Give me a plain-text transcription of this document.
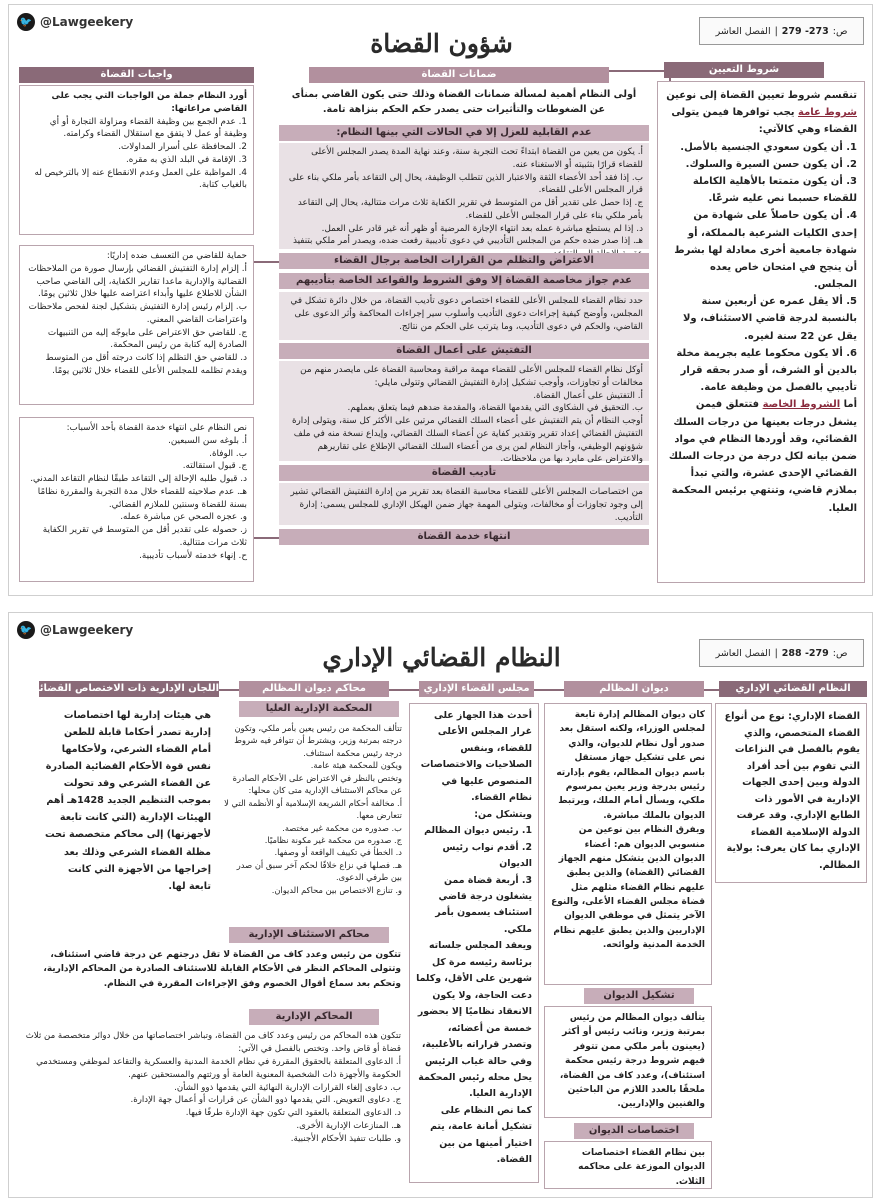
🐦 @Lawgeekery
شؤون القضاة	ص:
273- 279
|
الفصل العاشر
شروط التعيين
تنقسم شروط تعيين القضاة إلى نوعين شروط عامة يجب توافرها فيمن يتولى القضاء وهي كالآتي:
1. أن يكون سعودي الجنسية بالأصل.
2. أن يكون حسن السيرة والسلوك.
3. أن يكون متمتعا بالأهلية الكاملة للقضاء حسبما نص عليه شرعًا.
4. أن يكون حاصلاً على شهادة من إحدى الكليات الشرعية بالمملكة، أو شهادة جامعية أخرى معادلة لها بشرط أن ينجح في امتحان خاص يعده المجلس.
5. ألا يقل عمره عن أربعين سنة بالنسبة لدرجة قاضي الاستئناف، ولا يقل عن 22 سنة لغيره.
6. ألا يكون محكوما عليه بجريمة مخلة بالدين أو الشرف، أو صدر بحقه قرار تأديبي بالفصل من وظيفة عامة.
أما الشروط الخاصة فتتعلق فيمن يشغل درجات بعينها من درجات السلك القضائي، وقد أوردها النظام في مواد ضمن بيانه لكل درجة من درجات السلك القضائي الإحدى عشرة، والتي تبدأ بملازم قاضي، وتنتهي برئيس المحكمة العليا.
ضمانات القضاة
أولى النظام أهمية لمسألة ضمانات القضاة وذلك حتى يكون القاضي بمنأى عن الضغوطات والتأثيرات حتى يصدر حكم الحكم بنزاهة تامة.
عدم القابلية للعزل إلا في الحالات التي بينها النظام:
أ. يكون من يعين من القضاة ابتداءً تحت التجربة سنة، وعند نهاية المدة يصدر المجلس الأعلى للقضاء قرارًا بتثبيته أو الاستغناء عنه.
ب. إذا فقد أحد الأعضاء الثقة والاعتبار الذين تتطلب الوظيفة، يحال إلى التقاعد بأمر ملكي بناء على قرار المجلس الأعلى للقضاء.
ج. إذا حصل على تقدير أقل من المتوسط في تقرير الكفاية ثلاث مرات متتالية، يحال إلى التقاعد بأمر ملكي بناء على قرار المجلس الأعلى للقضاء.
د. إذا لم يستطع مباشرة عمله بعد انتهاء الإجازة المرضية أو ظهر أنه غير قادر على العمل.
هـ. إذا صدر ضده حكم من المجلس التأديبي في دعوى تأديبية رفعت ضده، ويصدر أمر ملكي بتنفيذ
الاعتراض والتظلم من القرارات الخاصة برجال القضاء
عدم جواز مخاصمة القضاة إلا وفق الشروط والقواعد الخاصة بتأديبهم
حدد نظام القضاء للمجلس الأعلى للقضاء اختصاص دعوى تأديب القضاة، من خلال دائرة تشكل في المجلس، وأوضح كيفية إجراءات دعوى التأديب وأسلوب سير إجراءات المحاكمة وأثر الدعوى على القاضي، والحكم في دعوى التأديب، وما يترتب على الحكم من نتائج.
التفتيش على أعمال القضاة
أوكل نظام القضاء للمجلس الأعلى للقضاء مهمة مراقبة ومحاسبة القضاة على مايصدر منهم من مخالفات أو تجاوزات، وأوجب تشكيل إدارة التفتيش القضائي وتتولى مايلي:
أ. التفتيش على أعمال القضاة.
ب. التحقيق في الشكاوى التي يقدمها القضاة، والمقدمة ضدهم فيما يتعلق بعملهم.
أوجب النظام أن يتم التفتيش على أعضاء السلك القضائي مرتين على الأكثر كل سنة، ويتولى إدارة التفتيش القضائي إعداد تقرير وتقدير كفاية عن أعضاء السلك القضائي، وإيداع نسخة منه في ملف شؤونهم الوظيفي، وأجاز النظام لمن يرى من أعضاء السلك القضائي الإطلاع على تقاريرهم والاعتراض على مايرد بها من ملاحظات.
تأديب القضاة
من اختصاصات المجلس الأعلى للقضاء محاسبة القضاة بعد تقرير من إدارة التفتيش القضائي تشير إلى وجود تجاوزات أو مخالفات، ويتولى المهمة جهاز ضمن الهيكل الإداري للمجلس يسمى: إدارة التأديب.
انتهاء خدمة القضاة
واجبات القضاة
أورد النظام جملة من الواجبات التي يجب على القاضي مراعاتها:
1. عدم الجمع بين وظيفة القضاء ومزاولة التجارة أو أي وظيفة أو عمل لا يتفق مع استقلال القضاء وكرامته.
2. المحافظة على أسرار المداولات.
3. الإقامة في البلد الذي به مقره.
4. المواظبة على العمل وعدم الانقطاع عنه إلا بالترخيص له بالغياب كتابة.
حماية للقاضي من التعسف ضده إداريًا:
أ. إلزام إدارة التفتيش القضائي بإرسال صورة من الملاحظات القضائية والإدارية ماعدا تقارير الكفاية، إلى القاضي صاحب الشأن للاطلاع عليها وأبداء اعتراضه عليها خلال ثلاثين يومًا.
ب. إلزام رئيس إدارة التفتيش بتشكيل لجنة لفحص ملاحظات واعتراضات القاضي المعني.
ج. للقاضي حق الاعتراض على مايوجّه إليه من التنبيهات الصادرة إليه كتابة من رئيس المحكمة.
د. للقاضي حق التظلم إذا كانت درجته أقل من المتوسط ويقدم تظلمه للمجلس الأعلى للقضاء خلال ثلاثين يومًا.
نص النظام على انتهاء خدمة القضاة بأحد الأسباب:
أ. بلوغه سن السبعين.
ب. الوفاة.
ج. قبول استقالته.
د. قبول طلبه الإحالة إلى التقاعد طبقًا لنظام التقاعد المدني.
هـ. عدم صلاحيته للقضاء خلال مدة التجربة والمقررة نظامًا بسنة للقضاة وسنتين للملازم القضائي.
و. عجزه الصحي عن مباشرة عمله.
ز. حصوله على تقدير أقل من المتوسط في تقرير الكفاية ثلاث مرات متتالية.
ح. إنهاء خدمته لأسباب تأديبية.
🐦 @Lawgeekery
النظام القضائي الإداري	ص:
279- 288
|
الفصل العاشر
النظام القضائي الإداري
القضاء الإداري: نوع من أنواع القضاء المتخصص، والذي يقوم بالفصل في النزاعات التي تقوم بين أحد أفراد الدولة وبين إحدى الجهات الإدارية في الأمور ذات الطابع الإداري. وقد عرفت الدولة الإسلامية القضاء الإداري بما كان يعرف: بولاية المظالم.
ديوان المظالم
كان ديوان المظالم إدارة تابعة لمجلس الوزراء، ولكنه استقل بعد صدور أول نظام للديوان، والذي نص على تشكيل جهاز مستقل باسم ديوان المظالم، يقوم بإدارته رئيس بدرجة وزير يعين بمرسوم ملكي، ويسأل أمام الملك، ويرتبط الديوان بالملك مباشرة.
ويفرق النظام بين نوعين من منسوبي الديوان هم: أعضاء الديوان الذين يتشكل منهم الجهاز القضائي (القضاة) والذين يطبق عليهم نظام القضاء مثلهم مثل قضاة مجلس القضاء الأعلى، والنوع الآخر يتمثل في موظفي الديوان الإداريين والذين يطبق عليهم نظام الخدمة المدنية ولوائحه.
تشكيل الديوان
يتألف ديوان المظالم من رئيس بمرتبة وزير، ونائب رئيس أو أكثر (يعينون بأمر ملكي ممن تتوفر فيهم شروط درجة رئيس محكمة استئناف)، وعدد كاف من القضاة، ملحقًا بالعدد اللازم من الباحثين والفنيين والإداريين.
اختصاصات الديوان
بين نظام القضاء اختصاصات الديوان الموزعة على محاكمه الثلاث.
مجلس القضاء الإداري
أحدث هذا الجهاز على غرار المجلس الأعلى للقضاء، وبنفس الصلاحيات والاختصاصات المنصوص عليها في نظام القضاء.
ويتشكل من:
1. رئيس ديوان المظالم
2. أقدم نواب رئيس الديوان
3. أربعة قضاة ممن يشغلون درجة قاضي استئناف يسمون بأمر ملكي.
ويعقد المجلس جلساته برئاسة رئيسه مرة كل شهرين على الأقل، وكلما دعت الحاجة، ولا يكون الانعقاد نظاميًا إلا بحضور خمسة من أعضائه، وتصدر قراراته بالأغلبية، وفي حالة غياب الرئيس يحل محله رئيس المحكمة الإدارية العليا.
كما نص النظام على تشكيل أمانة عامة، يتم اختيار أمينها من بين القضاة.
محاكم ديوان المظالم
المحكمة الإدارية العليا
تتألف المحكمة من رئيس يعين بأمر ملكي، وتكون درجته بمرتبة وزير، ويشترط أن تتوافر فيه شروط درجة رئيس محكمة استئناف.
ويكون للمحكمة هيئة عامة.
وتختص بالنظر في الاعتراض على الأحكام الصادرة عن محاكم الاستئناف الإدارية متى كان محلها:
أ. مخالفة أحكام الشريعة الإسلامية أو الأنظمة التي لا تتعارض معها.
ب. صدوره من محكمة غير مختصة.
ج. صدوره من محكمة غير مكونة نظاميًا.
د. الخطأ في تكييف الواقعة أو وصفها.
هـ. فصلها في نزاع خلافًا لحكم آخر سبق أن صدر بين طرفي الدعوى.
و. تنازع الاختصاص بين محاكم الديوان.
محاكم الاستئناف الإدارية
تتكون من رئيس وعدد كاف من القضاة لا تقل درجتهم عن درجة قاضي استئناف، وتتولى المحاكم النظر في الأحكام القابلة للاستئناف الصادرة من المحاكم الإدارية، وتحكم بعد سماع أقوال الخصوم وفق الإجراءات المقررة في النظام.
المحاكم الإدارية
تتكون هذه المحاكم من رئيس وعدد كاف من القضاة، وتباشر اختصاصاتها من خلال دوائر متخصصة من ثلاث قضاة أو قاض واحد. وتختص بالفصل في الآتي:
أ. الدعاوى المتعلقة بالحقوق المقررة في نظام الخدمة المدنية والعسكرية والتقاعد لموظفي ومستخدمي الحكومة والأجهزة ذات الشخصية المعنوية العامة أو ورثتهم والمستحقين عنهم.
ب. دعاوى إلغاء القرارات الإدارية النهائية التي يقدمها ذوو الشأن.
ج. دعاوى التعويض. التي يقدمها ذوو الشأن عن قرارات أو أعمال جهة الإدارة.
د. الدعاوى المتعلقة بالعقود التي تكون جهة الإدارة طرفًا فيها.
هـ. المنازعات الإدارية الأخرى.
و. طلبات تنفيذ الأحكام الأجنبية.
اللجان الإدارية ذات الاختصاص القضائي
هي هيئات إدارية لها اختصاصات إدارية تصدر أحكاما قابلة للطعن أمام القضاء الشرعي، ولأحكامها نفس قوة الأحكام القضائية الصادرة عن القضاء الشرعي وقد تحولت بموجب التنظيم الجديد 1428هـ أهم الهيئات الإدارية (التي كانت تابعة لأجهزتها) إلى محاكم متخصصة تحت مظلة القضاء الشرعي وذلك بعد إخراجها من الأجهزة التي كانت تابعة لها.
